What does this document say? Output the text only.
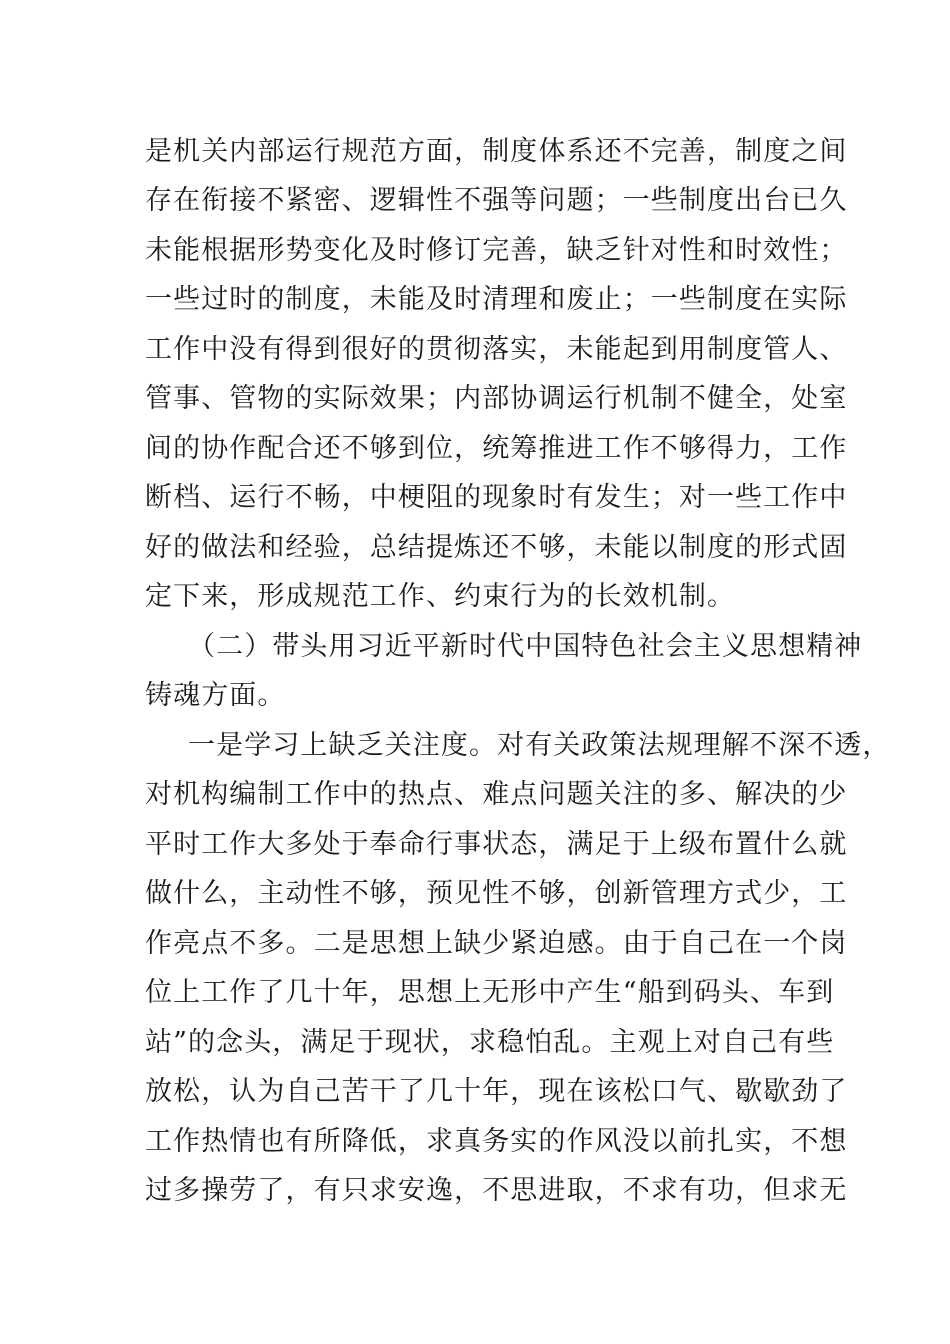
是机关内部运行规范方面，制度体系还不完善，制度之间
存在衔接不紧密、逻辑性不强等问题；一些制度出台已久
未能根据形势变化及时修订完善，缺乏针对性和时效性；
一些过时的制度，未能及时清理和废止；一些制度在实际
工作中没有得到很好的贯彻落实，未能起到用制度管人、
管事、管物的实际效果；内部协调运行机制不健全，处室
间的协作配合还不够到位，统筹推进工作不够得力，工作
断档、运行不畅，中梗阻的现象时有发生；对一些工作中
好的做法和经验，总结提炼还不够，未能以制度的形式固
定下来，形成规范工作、约束行为的长效机制。
（二）带头用习近平新时代中国特色社会主义思想精神
铸魂方面。
一是学习上缺乏关注度。对有关政策法规理解不深不透，
对机构编制工作中的热点、难点问题关注的多、解决的少
平时工作大多处于奉命行事状态，满足于上级布置什么就
做什么，主动性不够，预见性不够，创新管理方式少，工
作亮点不多。二是思想上缺少紧迫感。由于自己在一个岗
位上工作了几十年，思想上无形中产生“船到码头、车到
站”的念头，满足于现状，求稳怕乱。主观上对自己有些
放松，认为自己苦干了几十年，现在该松口气、歇歇劲了
工作热情也有所降低，求真务实的作风没以前扎实，不想
过多操劳了，有只求安逸，不思进取，不求有功，但求无
